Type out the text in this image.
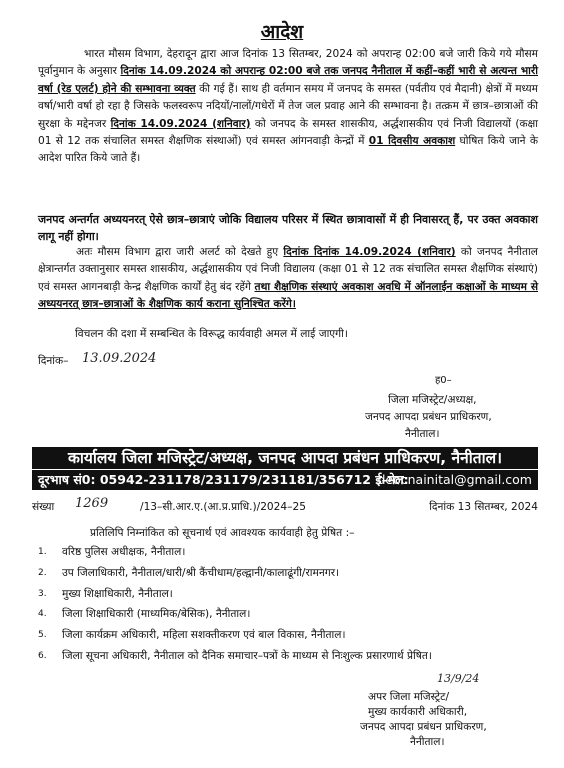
आदेश
भारत मौसम विभाग, देहरादून द्वारा आज दिनांक 13 सितम्बर, 2024 को अपरान्ह 02:00 बजे जारी किये गये मौसम पूर्वानुमान के अनुसार दिनांक 14.09.2024 को अपरान्ह 02:00 बजे तक जनपद नैनीताल में कहीं–कहीं भारी से अत्यन्त भारी वर्षा (रेड एलर्ट) होने की सम्भावना व्यक्त की गई हैं। साथ ही वर्तमान समय में जनपद के समस्त (पर्वतीय एवं मैदानी) क्षेत्रों में मध्यम वर्षा/भारी वर्षा हो रहा है जिसके फलस्वरूप नदियों/नालों/गधेरों में तेज जल प्रवाह आने की सम्भावना है। तत्क्रम में छात्र–छात्राओं की सुरक्षा के मद्देनजर दिनांक 14.09.2024 (शनिवार) को जनपद के समस्त शासकीय, अर्द्धशासकीय एवं निजी विद्यालयों (कक्षा 01 से 12 तक संचालित समस्त शैक्षणिक संस्थाओं) एवं समस्त आंगनवाड़ी केन्द्रों में 01 दिवसीय अवकाश घोषित किये जाने के आदेश पारित किये जाते हैं।
जनपद अन्तर्गत अध्ययनरत् ऐसे छात्र–छात्राएं जोकि विद्यालय परिसर में स्थित छात्रावासों में ही निवासरत् हैं, पर उक्त अवकाश लागू नहीं होगा।
अतः मौसम विभाग द्वारा जारी अलर्ट को देखते हुए दिनांक दिनांक 14.09.2024 (शनिवार) को जनपद नैनीताल क्षेत्रान्तर्गत उक्तानुसार समस्त शासकीय, अर्द्धशासकीय एवं निजी विद्यालय (कक्षा 01 से 12 तक संचालित समस्त शैक्षणिक संस्थाएं) एवं समस्त आगनबाड़ी केन्द्र शैक्षणिक कार्यों हेतु बंद रहेंगे तथा शैक्षणिक संस्थाएं अवकाश अवधि में ऑनलाईन कक्षाओं के माध्यम से अध्ययनरत् छात्र–छात्राओं के शैक्षणिक कार्य कराना सुनिश्चित करेंगे।
विचलन की दशा में सम्बन्धित के विरूद्ध कार्यवाही अमल में लाई जाएगी।
दिनांक– 13.09.2024
ह0–
जिला मजिस्ट्रेट/अध्यक्ष,
जनपद आपदा प्रबंधन प्राधिकरण,
नैनीताल।
कार्यालय जिला मजिस्ट्रेट/अध्यक्ष, जनपद आपदा प्रबंधन प्राधिकरण, नैनीताल।
दूरभाष सं0: 05942-231178/231179/231181/356712 ई–मेल:
deocnainital@gmail.com
संख्या	/13–सी.आर.ए.(आ.प्र.प्राधि.)/2024–25	दिनांक 13 सितम्बर, 2024
1269
प्रतिलिपि निम्नांकित को सूचनार्थ एवं आवश्यक कार्यवाही हेतु प्रेषित :–
1. वरिष्ठ पुलिस अधीक्षक, नैनीताल।
2. उप जिलाधिकारी, नैनीताल/धारी/श्री कैंचीधाम/हल्द्वानी/कालाढूंगी/रामनगर।
3. मुख्य शिक्षाधिकारी, नैनीताल।
4. जिला शिक्षाधिकारी (माध्यमिक/बेसिक), नैनीताल।
5. जिला कार्यक्रम अधिकारी, महिला सशक्तीकरण एवं बाल विकास, नैनीताल।
6. जिला सूचना अधिकारी, नैनीताल को दैनिक समाचार–पत्रों के माध्यम से निःशुल्क प्रसारणार्थ प्रेषित।
13/9/24
अपर जिला मजिस्ट्रेट/
मुख्य कार्यकारी अधिकारी,
जनपद आपदा प्रबंधन प्राधिकरण,
नैनीताल।
